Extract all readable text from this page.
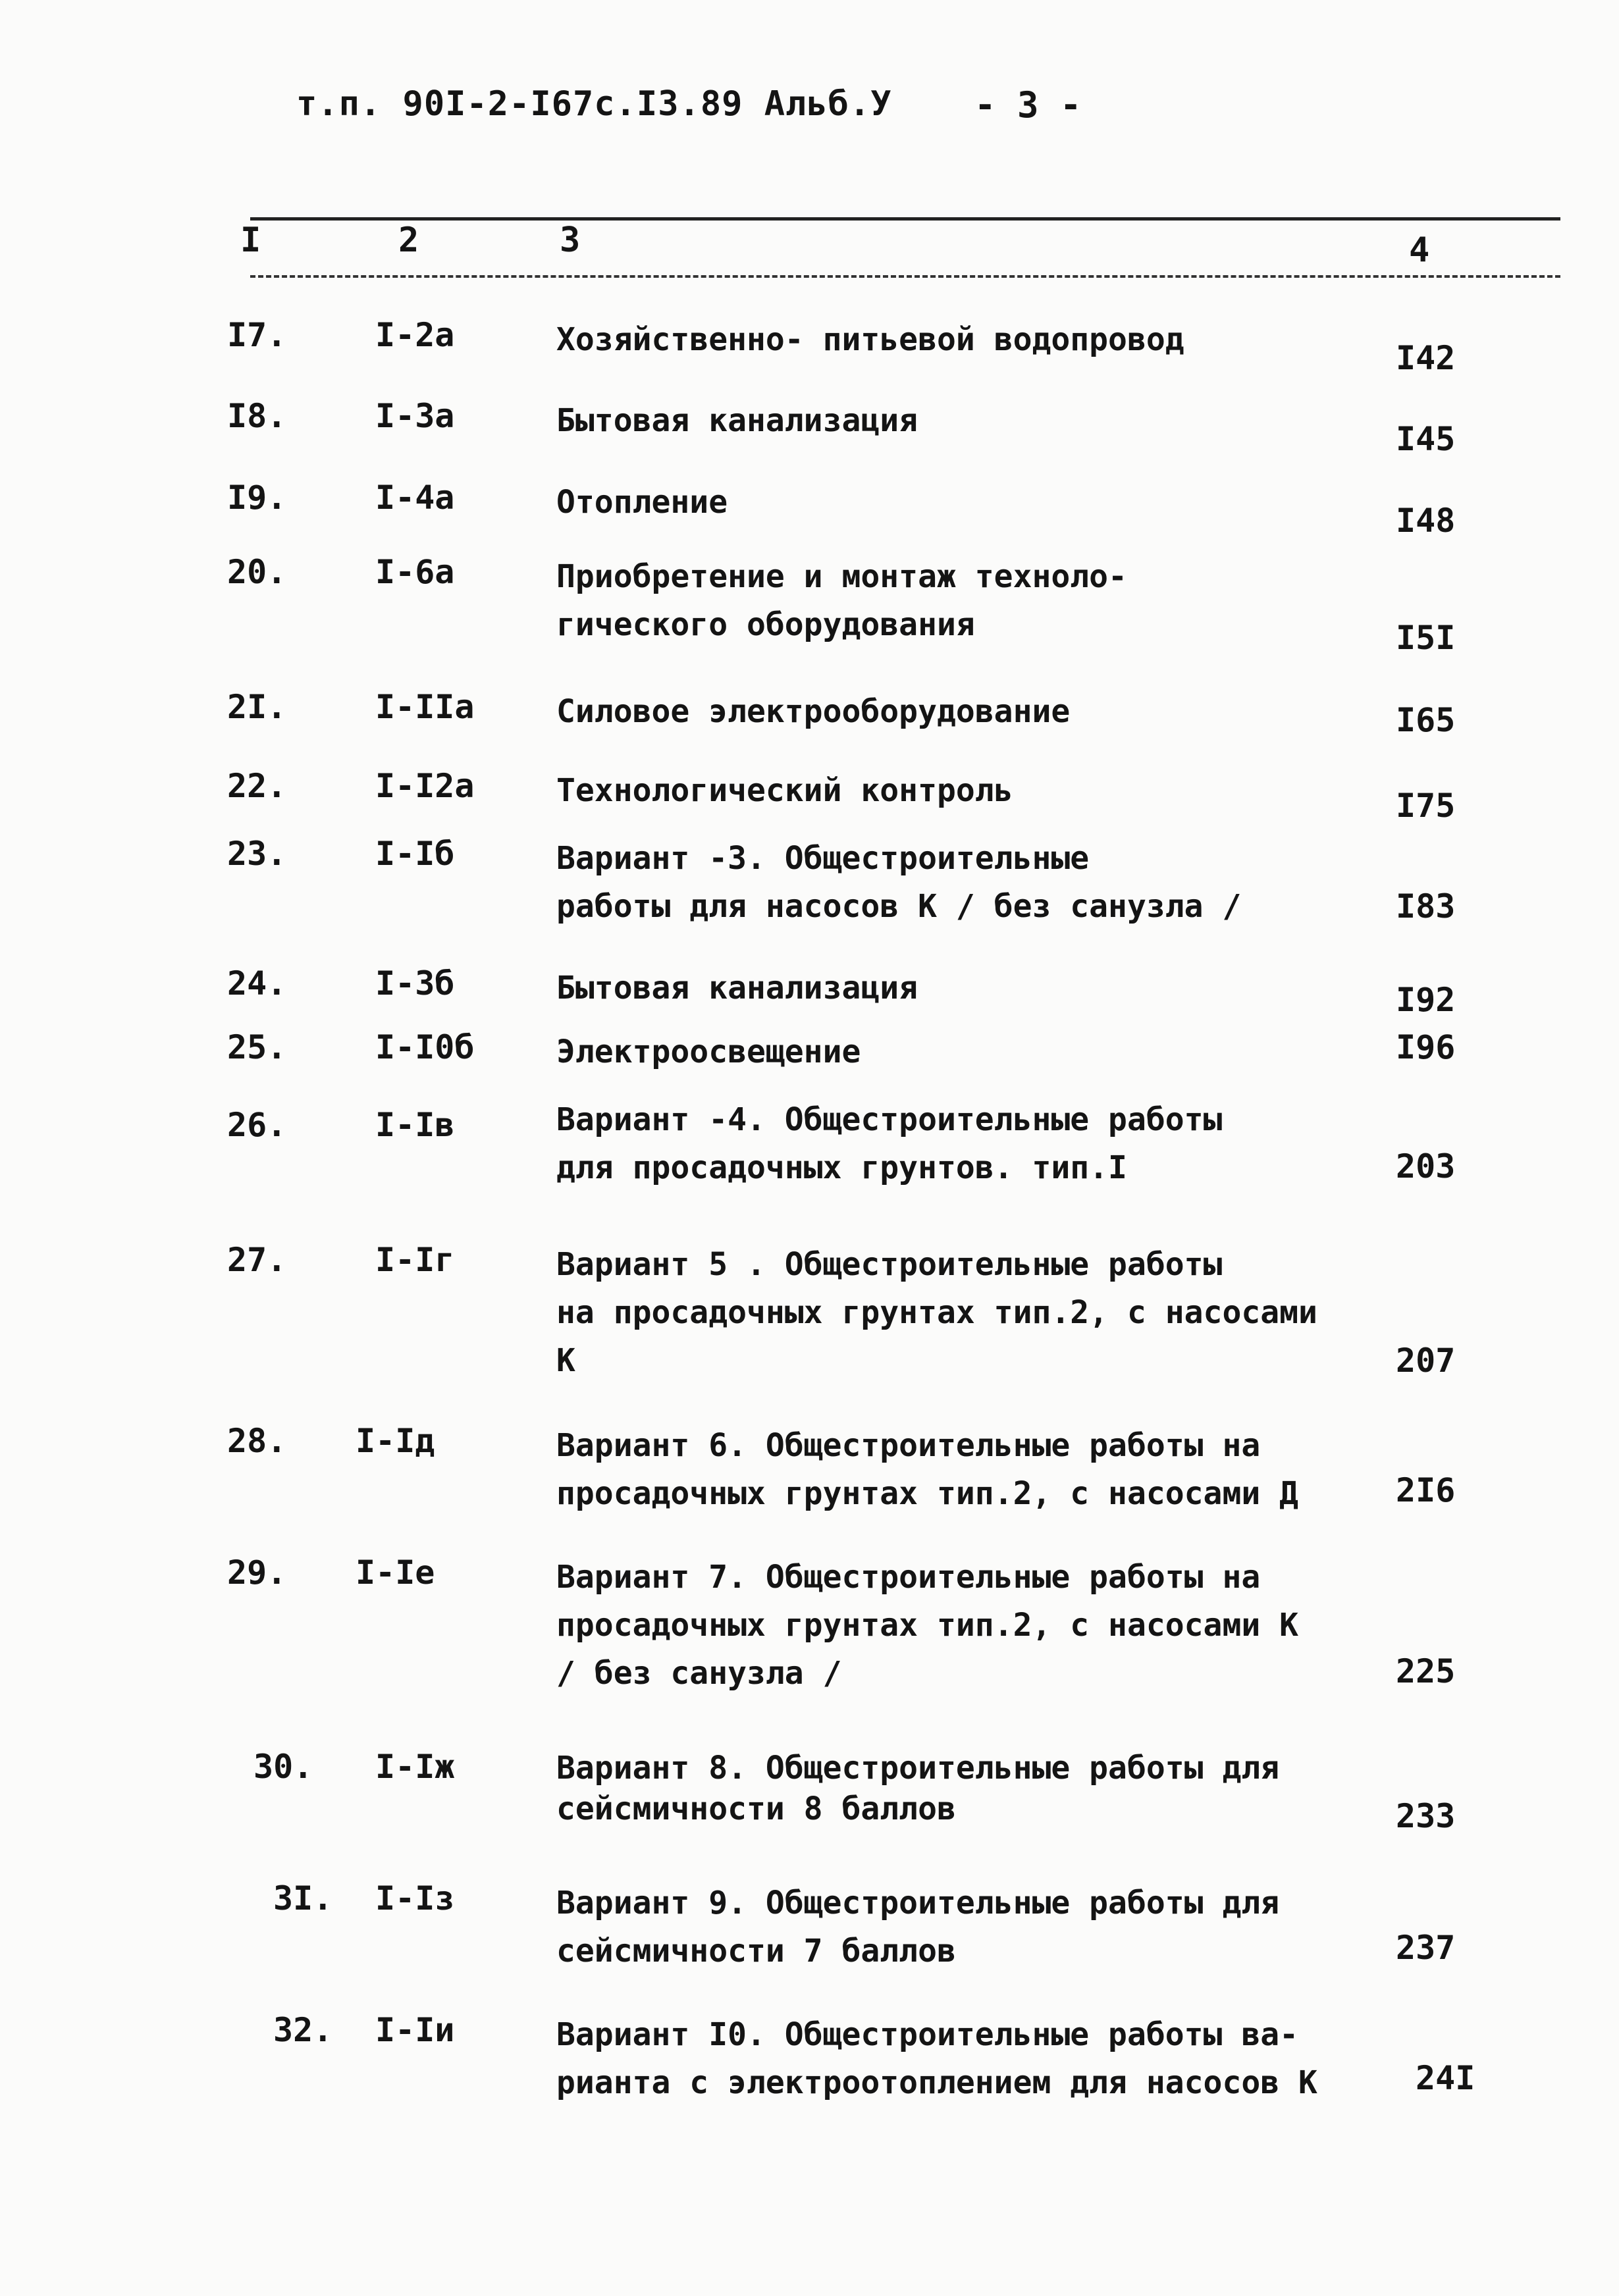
т.п. 90I-2-I67с.I3.89 Альб.У - 3 -
I	2	3	4
I7.	I-2а	Хозяйственно- питьевой водопровод	I42
I8.	I-3а	Бытовая канализация	I45
I9.	I-4а	Отопление	I48
20.	I-6а	Приобретение и монтаж технолo-
гического оборудования	I5I
2I.	I-IIа	Силовое электрооборудование	I65
22.	I-I2а	Технологический контроль	I75
23.	I-Iб	Вариант -3. Общестроительные
работы для насосов К / без санузла /	I83
24.	I-3б	Бытовая канализация	I92
25.	I-I0б	Электроосвещение	I96
26.	I-Iв	Вариант -4. Общестроительные работы
для просадочных грунтов. тип.I	203
27.	I-Iг	Вариант 5 . Общестроительные работы
на просадочных грунтах тип.2, с насосами
К	207
28.	I-Iд	Вариант 6. Общестроительные работы на
просадочных грунтах тип.2, с насосами Д	2I6
29.	I-Iе	Вариант 7. Общестроительные работы на
просадочных грунтах тип.2, с насосами К
/ без санузла /	225
30.	I-Iж	Вариант 8. Общестроительные работы для
сейсмичности 8 баллов	233
3I.	I-Iз	Вариант 9. Общестроительные работы для
сейсмичности 7 баллов	237
32.	I-Iи	Вариант I0. Общестроительные работы ва-
рианта с электроотоплением для насосов К	24I
